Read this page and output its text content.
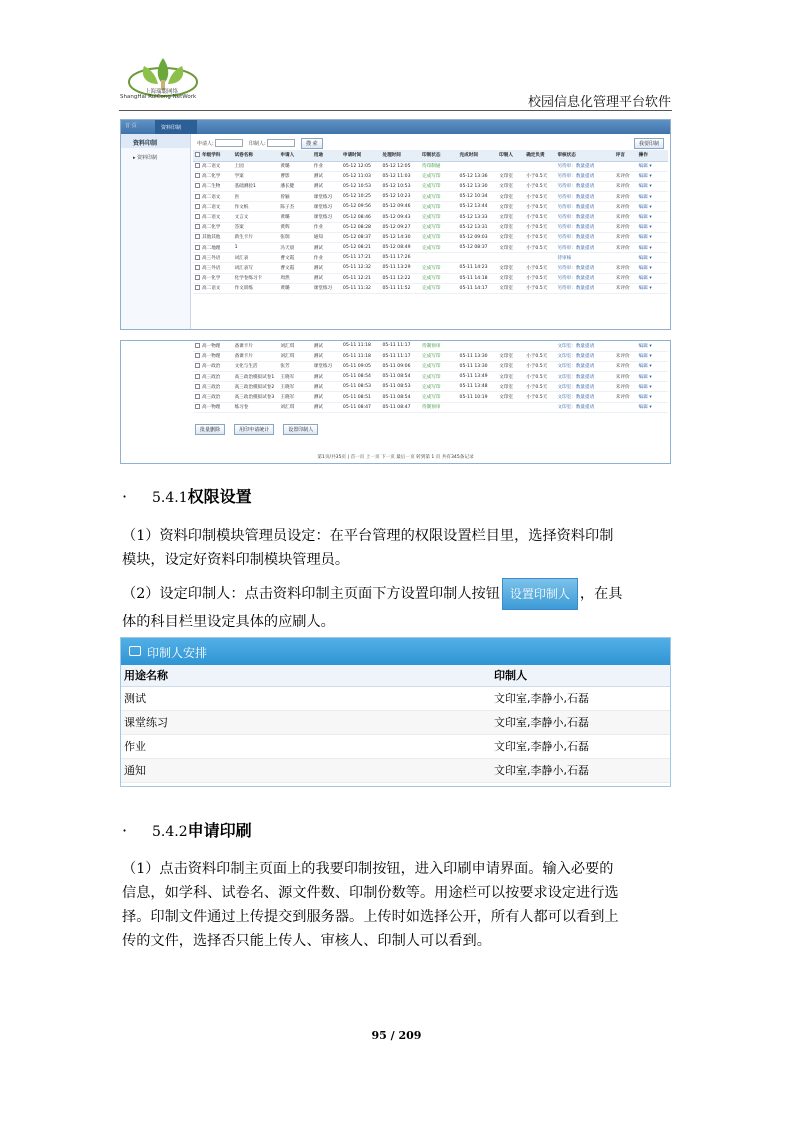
上海瑞聪网络
ShangHai RuiCong NetWork	校园信息化管理平台软件
首 页	资料印制
资料印制
▸ 资料印制
申请人:	印制人:	搜 索	我要印制
年级学科	试卷名称	申请人	用途	申请时间	处理时间	印制状态	完成时间	印制人	确定负责	审核状态	评言	操作
高二语文	上园	黄璐	作业	05-12 12:05	05-12 12:05	待印制通				另待审：数量提请		编辑 ▾
高二化学	学案	曹影	测试	05-12 11:03	05-12 11:03	完成写印	05-12 13:36	文印室	小于0.5天	另待审：数量提请	未评价	编辑 ▾
高二生物	基础测验1	潘长健	测试	05-12 10:53	05-12 10:53	完成写印	05-12 13:30	文印室	小于0.5天	另待审：数量提请	未评价	编辑 ▾
高二语文	医	曾颖	课堂练习	05-12 10:25	05-12 10:23	完成写印	05-12 10:34	文印室	小于0.5天	另待审：数量提请	未评价	编辑 ▾
高二语文	作文纸	陈子杰	课堂练习	05-12 09:56	05-12 09:46	完成写印	05-12 13:44	文印室	小于0.5天	另待审：数量提请	未评价	编辑 ▾
高二语文	文言文	黄璐	课堂练习	05-12 08:46	05-12 09:43	完成写印	05-12 13:33	文印室	小于0.5天	另待审：数量提请	未评价	编辑 ▾
高二化学	答案	黄辉	作业	05-12 08:28	05-12 09:27	完成写印	05-12 13:31	文印室	小于0.5天	另待审：数量提请	未评价	编辑 ▾
其他其他	新生卡片	张瑞	通知	05-12 08:37	05-12 14:30	完成写印	05-12 09:03	文印室	小于0.5天	另待审：数量提请	未评价	编辑 ▾
高二地理	1	冯天晨	测试	05-12 08:21	05-12 08:49	完成写印	05-12 08:37	文印室	小于0.5天	另待审：数量提请	未评价	编辑 ▾
高三外语	词汇表	曹文霞	作业	05-11 17:21	05-11 17:26					待审核		编辑 ▾
高三外语	词汇表写	曹文霞	测试	05-11 12:32	05-11 13:29	完成写印	05-11 14:23	文印室	小于0.5天	另待审：数量提请	未评价	编辑 ▾
高一化学	化学卷练习卡	周然	测试	05-11 12:21	05-11 12:22	完成写印	05-11 14:18	文印室	小于0.5天	另待审：数量提请	未评价	编辑 ▾
高二语文	作文训练	黄璐	课堂练习	05-11 11:32	05-11 11:52	完成写印	05-11 14:17	文印室	小于0.5天	另待审：数量提请	未评价	编辑 ▾
高一物理	备课卡片	刘汇琪	测试	05-11 11:18	05-11 11:17	待制预审				文印室：数量提请		编辑 ▾
高一物理	备课卡片	刘汇琪	测试	05-11 11:18	05-11 11:17	完成写印	05-11 13:30	文印室	小于0.5天	文印室：数量提请	未评价	编辑 ▾
高一政治	文化与生活	张芳	课堂练习	05-11 09:05	05-11 09:06	完成写印	05-11 13:30	文印室	小于0.5天	文印室：数量提请	未评价	编辑 ▾
高三政治	高三政治模拟试卷1	王晓军	测试	05-11 08:54	05-11 08:54	完成写印	05-11 13:49	文印室	小于0.5天	文印室：数量提请	未评价	编辑 ▾
高三政治	高三政治模拟试卷2	王晓军	测试	05-11 08:53	05-11 08:53	完成写印	05-11 13:48	文印室	小于0.5天	文印室：数量提请	未评价	编辑 ▾
高三政治	高三政治模拟试卷3	王晓军	测试	05-11 08:51	05-11 08:54	完成写印	05-11 10:19	文印室	小于0.5天	文印室：数量提请	未评价	编辑 ▾
高一物理	练习卷	刘汇琪	测试	05-11 08:47	05-11 08:47	待制预审				文印室：数量提请		编辑 ▾
批量删除	用印申请统计	设置印制人
第1页/共35页 | 首一页 上一页 下一页 最后一页 转到第 1 页 共有345条记录
· 5.4.1权限设置
（1）资料印制模块管理员设定：在平台管理的权限设置栏目里，选择资料印制
模块，设定好资料印制模块管理员。
（2）设定印制人：点击资料印制主页面下方设置印制人按钮 设置印制人 ，在具
体的科目栏里设定具体的应刷人。
印制人安排
用途名称	印制人
测试	文印室,李静小,石磊
课堂练习	文印室,李静小,石磊
作业	文印室,李静小,石磊
通知	文印室,李静小,石磊
· 5.4.2申请印刷
（1）点击资料印制主页面上的我要印制按钮，进入印刷申请界面。输入必要的
信息，如学科、试卷名、源文件数、印制份数等。用途栏可以按要求设定进行选
择。印制文件通过上传提交到服务器。上传时如选择公开，所有人都可以看到上
传的文件，选择否只能上传人、审核人、印制人可以看到。
95 / 209
